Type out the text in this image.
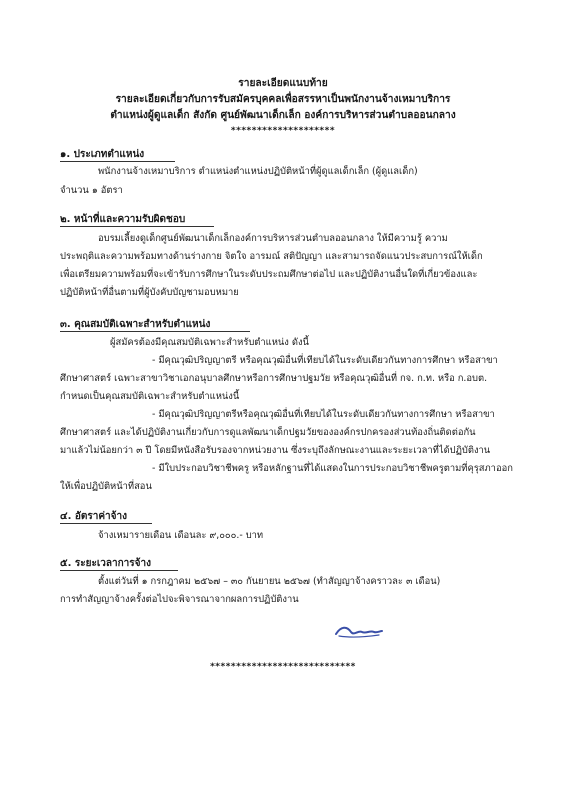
รายละเอียดแนบท้าย
รายละเอียดเกี่ยวกับการรับสมัครบุคคลเพื่อสรรหาเป็นพนักงานจ้างเหมาบริการ
ตำแหน่งผู้ดูแลเด็ก สังกัด ศูนย์พัฒนาเด็กเล็ก องค์การบริหารส่วนตำบลออนกลาง
********************
๑. ประเภทตำแหน่ง
พนักงานจ้างเหมาบริการ ตำแหน่งตำแหน่งปฏิบัติหน้าที่ผู้ดูแลเด็กเล็ก (ผู้ดูแลเด็ก)
จำนวน ๑ อัตรา
๒. หน้าที่และความรับผิดชอบ
อบรมเลี้ยงดูเด็กศูนย์พัฒนาเด็กเล็กองค์การบริหารส่วนตำบลออนกลาง ให้มีความรู้ ความ
ประพฤติและความพร้อมทางด้านร่างกาย จิตใจ อารมณ์ สติปัญญา และสามารถจัดแนวประสบการณ์ให้เด็ก
เพื่อเตรียมความพร้อมที่จะเข้ารับการศึกษาในระดับประถมศึกษาต่อไป และปฏิบัติงานอื่นใดที่เกี่ยวข้องและ
ปฏิบัติหน้าที่อื่นตามที่ผู้บังคับบัญชามอบหมาย
๓. คุณสมบัติเฉพาะสำหรับตำแหน่ง
ผู้สมัครต้องมีคุณสมบัติเฉพาะสำหรับตำแหน่ง ดังนี้
- มีคุณวุฒิปริญญาตรี หรือคุณวุฒิอื่นที่เทียบได้ในระดับเดียวกันทางการศึกษา หรือสาขา
ศึกษาศาสตร์ เฉพาะสาขาวิชาเอกอนุบาลศึกษาหรือการศึกษาปฐมวัย หรือคุณวุฒิอื่นที่ กจ. ก.ท. หรือ ก.อบต.
กำหนดเป็นคุณสมบัติเฉพาะสำหรับตำแหน่งนี้
- มีคุณวุฒิปริญญาตรีหรือคุณวุฒิอื่นที่เทียบได้ในระดับเดียวกันทางการศึกษา หรือสาขา
ศึกษาศาสตร์ และได้ปฏิบัติงานเกี่ยวกับการดูแลพัฒนาเด็กปฐมวัยขององค์กรปกครองส่วนท้องถิ่นติดต่อกัน
มาแล้วไม่น้อยกว่า ๓ ปี โดยมีหนังสือรับรองจากหน่วยงาน ซึ่งระบุถึงลักษณะงานและระยะเวลาที่ได้ปฏิบัติงาน
- มีใบประกอบวิชาชีพครู หรือหลักฐานที่ได้แสดงในการประกอบวิชาชีพครูตามที่คุรุสภาออก
ให้เพื่อปฏิบัติหน้าที่สอน
๔. อัตราค่าจ้าง
จ้างเหมารายเดือน เดือนละ ๙,๐๐๐.- บาท
๕. ระยะเวลาการจ้าง
ตั้งแต่วันที่ ๑ กรกฎาคม ๒๕๖๗ – ๓๐ กันยายน ๒๕๖๗ (ทำสัญญาจ้างคราวละ ๓ เดือน)
การทำสัญญาจ้างครั้งต่อไปจะพิจารณาจากผลการปฏิบัติงาน
****************************
